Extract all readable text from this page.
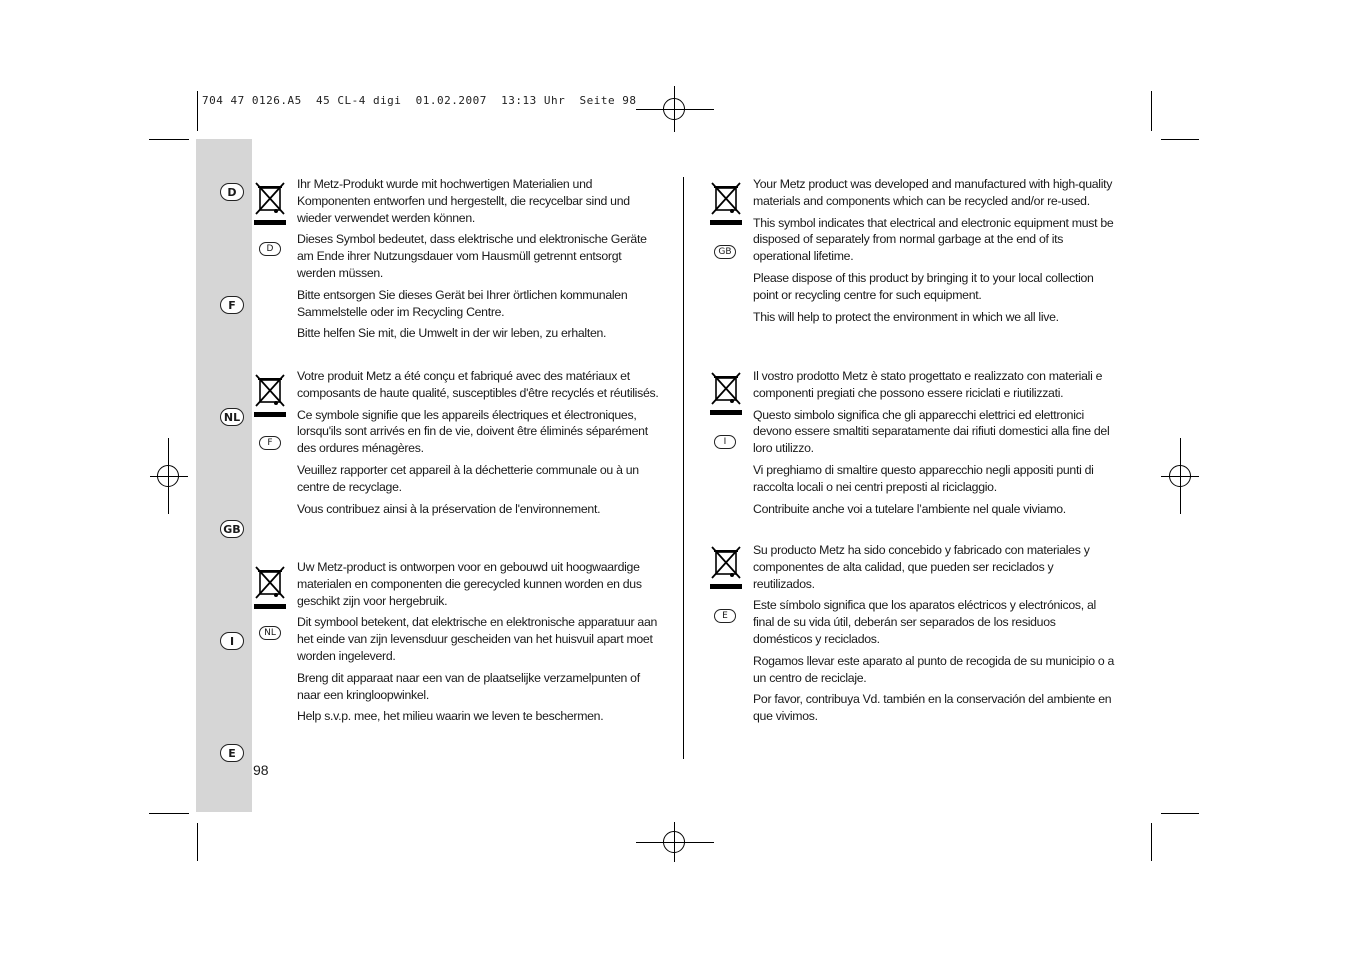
704 47 0126.A5  45 CL-4 digi  01.02.2007  13:13 Uhr  Seite 98
D
F
NL
GB
I
E
D
F
NL
GB
I
E

Ihr Metz-Produkt wurde mit hochwertigen Materialien und Komponenten entworfen und hergestellt, die recycelbar sind und wieder verwendet werden können.

Dieses Symbol bedeutet, dass elektrische und elektronische Geräte am Ende ihrer Nutzungsdauer vom Hausmüll getrennt entsorgt werden müssen.

Bitte entsorgen Sie dieses Gerät bei Ihrer örtlichen kommunalen Sammelstelle oder im Recycling Centre.

Bitte helfen Sie mit, die Umwelt in der wir leben, zu erhalten.

Votre produit Metz a été conçu et fabriqué avec des matériaux et composants de haute qualité, susceptibles d'être recyclés et réutilisés.

Ce symbole signifie que les appareils électriques et électroniques, lorsqu'ils sont arrivés en fin de vie, doivent être éliminés séparément des ordures ménagères.

Veuillez rapporter cet appareil à la déchetterie communale ou à un centre de recyclage.

Vous contribuez ainsi à la préservation de l'environnement.

Uw Metz-product is ontworpen voor en gebouwd uit hoogwaardige materialen en componenten die gerecycled kunnen worden en dus geschikt zijn voor hergebruik.

Dit symbool betekent, dat elektrische en elektronische apparatuur aan het einde van zijn levensduur gescheiden van het huisvuil apart moet worden ingeleverd.

Breng dit apparaat naar een van de plaatselijke verzamelpunten of naar een kringloopwinkel.

Help s.v.p. mee, het milieu waarin we leven te beschermen.

Your Metz product was developed and manufactured with high-quality materials and components which can be recycled and/or re-used.

This symbol indicates that electrical and electronic equipment must be disposed of separately from normal garbage at the end of its operational lifetime.

Please dispose of this product by bringing it to your local collection point or recycling centre for such equipment.

This will help to protect the environment in which we all live.

Il vostro prodotto Metz è stato progettato e realizzato con materiali e componenti pregiati che possono essere riciclati e riutilizzati.

Questo simbolo significa che gli apparecchi elettrici ed elettronici devono essere smaltiti separatamente dai rifiuti domestici alla fine del loro utilizzo.

Vi preghiamo di smaltire questo apparecchio negli appositi punti di raccolta locali o nei centri preposti al riciclaggio.

Contribuite anche voi a tutelare l’ambiente nel quale viviamo.

Su producto Metz ha sido concebido y fabricado con materiales y componentes de alta calidad, que pueden ser reciclados y reutilizados.

Este símbolo significa que los aparatos eléctricos y electrónicos, al final de su vida útil, deberán ser separados de los residuos domésticos y reciclados.

Rogamos llevar este aparato al punto de recogida de su municipio o a un centro de reciclaje.

Por favor, contribuya Vd. también en la conservación del ambiente en que vivimos.

98
